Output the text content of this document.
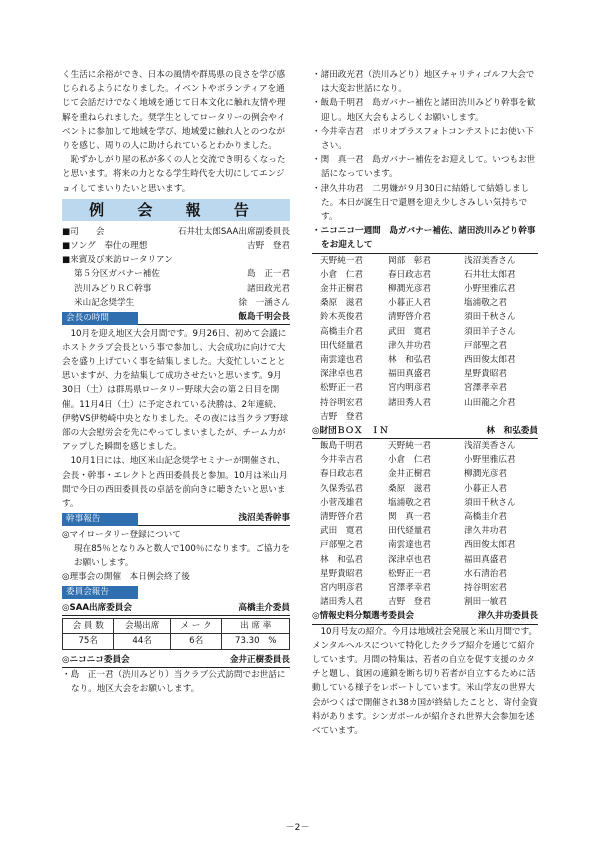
く生活に余裕ができ、日本の風情や群馬県の良さを学び感じられるようになりました。イベントやボランティアを通じて会話だけでなく地域を通じて日本文化に触れ友情や理解を重ねられました。奨学生としてロータリーの例会やイベントに参加して地域を学び、地域愛に触れ人とのつながりを感じ、周りの人に助けられているとわかりました。

恥ずかしがり屋の私が多くの人と交流でき明るくなったと思います。将来の力となる学生時代を大切にしてエンジョイしてまいりたいと思います。

例 会 報 告
■司　　会	石井壮太郎SAA出席副委員長
■ソング　奉仕の理想	吉野　登君
■来賓及び来訪ロータリアン
第５分区ガバナー補佐	島　正一君
渋川みどりＲＣ幹事	諸田政光君
米山記念奨学生	徐　一涵さん
会長の時間	飯島千明会長

10月を迎え地区大会月間です。9月26日、初めて会議にホストクラブ会長という事で参加し、大会成功に向けて大会を盛り上げていく事を結集しました。大変忙しいことと思いますが、力を結集して成功させたいと思います。9月30日（土）は群馬県ロータリー野球大会の第２日目を開催。11月4日（土）に予定されている決勝は、2年連続、伊勢VS伊勢崎中央となりました。その夜には当クラブ野球部の大会慰労会を先にやってしまいましたが、チーム力がアップした瞬間を感じました。

10月1日には、地区米山記念奨学セミナーが開催され、会長・幹事・エレクトと西田委員長と参加。10月は米山月間で今日の西田委員長の卓話を前向きに聴きたいと思います。

幹事報告	浅沼美香幹事

◎マイロータリー登録について

現在85％となりみと数人で100％になります。ご協力をお願いします。

◎理事会の開催　本日例会終了後

委員会報告
◎SAA出席委員会	高橋圭介委員
会 員 数	会場出席	メ ー ク	出 席 率
75名	44名	6名	73.30　%
◎ニコニコ委員会	金井正樹委員長

・島　正一君（渋川みどり）当クラブ公式訪問でお世話になり。地区大会をお願いします。

・諸田政光君（渋川みどり）地区チャリティゴルフ大会では大変お世話になり。

・飯島千明君　島ガバナー補佐と諸田渋川みどり幹事を歓迎し。地区大会もよろしくお願いします。

・今井幸吉君　ポリオプラスフォトコンテストにお使い下さい。

・関　真一君　島ガバナー補佐をお迎えして。いつもお世話になっています。

・津久井功君　二男嫌が９月30日に結婚して結婚しました。本日が誕生日で還暦を迎え少しさみしい気持ちです。

・ニコニコ一週間　島ガバナー補佐、諸田渋川みどり幹事をお迎えして

天野純一君	岡部　彰君	浅沼美香さん
小倉　仁君	春日政志君	石井壮太郎君
金井正樹君	柳澗光彦君	小野里雅広君
桑原　滋君	小暮正人君	塩浦敬之君
鈴木英俊君	清野啓介君	須田千秋さん
高橋圭介君	武田　寛君	須田羊子さん
田代経量君	津久井功君	戸部聖之君
南雲達也君	林　和弘君	西田俊太郎君
深津卓也君	福田真盛君	星野貴昭君
松野正一君	宮内明彦君	宮澤孝幸君
持谷明宏君	諸田秀人君	山田龍之介君
吉野　登君
◎財団ＢＯＸ　ＩＮ	林　和弘委員
飯島千明君	天野純一君	浅沼美香さん
今井幸吉君	小倉　仁君	小野里雅広君
春日政志君	金井正樹君	柳澗光彦君
久保秀弘君	桑原　滋君	小暮正人君
小菅茂雄君	塩浦敬之君	須田千秋さん
清野啓介君	関　真一君	高橋圭介君
武田　寛君	田代経量君	津久井功君
戸部聖之君	南雲達也君	西田俊太郎君
林　和弘君	深津卓也君	福田真盛君
星野貴昭君	松野正一君	水石清治君
宮内明彦君	宮澤孝幸君	持谷明宏君
諸田秀人君	吉野　登君	割田一敏君
◎情報史料分類選考委員会	津久井功委員長

10月号友の紹介。今月は地域社会発展と米山月間です。メンタルヘルスについて特化したクラブ紹介を通じて紹介しています。月間の特集は、若者の自立を促す支援のカタチと題し、貧困の連鎖を断ち切り若者が自立するために活動している様子をレポートしています。米山学友の世界大会がつくばで開催され38カ国が終結したことと、寄付金資料があります。シンガポールが紹介され世界大会参加を述べています。

－2－
